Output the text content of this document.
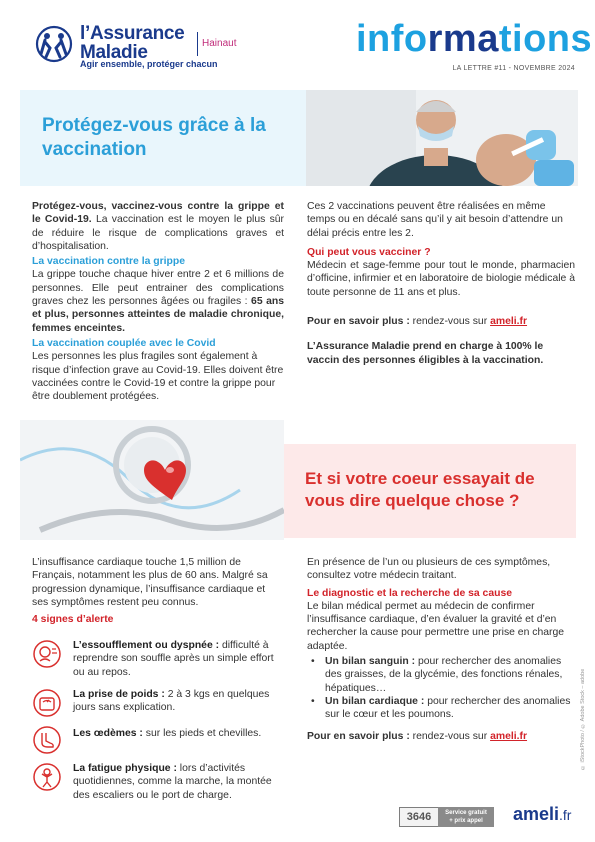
l’Assurance
Maladie
Agir ensemble, protéger chacun
Hainaut	informations
LA LETTRE #11 - NOVEMBRE 2024
Protégez-vous grâce à la vaccination

Protégez-vous, vaccinez-vous contre la grippe et le Covid-19. La vaccination est le moyen le plus sûr de réduire le risque de complications graves et d’hospitalisation.

La vaccination contre la grippe

La grippe touche chaque hiver entre 2 et 6 millions de personnes. Elle peut entrainer des complications graves chez les personnes âgées ou fragiles : 65 ans et plus, personnes atteintes de maladie chronique, femmes enceintes.

La vaccination couplée avec le Covid

Les personnes les plus fragiles sont également à risque d’infection grave au Covid-19. Elles doivent être vaccinées contre le Covid-19 et contre la grippe pour être doublement protégées.

Ces 2 vaccinations peuvent être réalisées en même temps ou en décalé sans qu’il y ait besoin d’attendre un délai précis entre les 2.

Qui peut vous vacciner ?

Médecin et sage-femme pour tout le monde, pharmacien d’officine, infirmier et en laboratoire de biologie médicale à toute personne de 11 ans et plus.

Pour en savoir plus : rendez-vous sur ameli.fr

L’Assurance Maladie prend en charge à 100% le vaccin des personnes éligibles à la vaccination.

Et si votre coeur essayait de vous dire quelque chose ?

L’insuffisance cardiaque touche 1,5 million de Français, notamment les plus de 60 ans. Malgré sa progression dynamique, l’insuffisance cardiaque et ses symptômes restent peu connus.

4 signes d’alerte

L’essoufflement ou dyspnée : difficulté à reprendre son souffle après un simple effort ou au repos.
La prise de poids : 2 à 3 kgs en quelques jours sans explication.
Les œdèmes : sur les pieds et chevilles.
La fatigue physique : lors d’activités quotidiennes, comme la marche, la montée des escaliers ou le port de charge.

En présence de l’un ou plusieurs de ces symptômes, consultez votre médecin traitant.

Le diagnostic et la recherche de sa cause

Le bilan médical permet au médecin de confirmer l’insuffisance cardiaque, d’en évaluer la gravité et d’en rechercher la cause pour permettre une prise en charge adaptée.

• Un bilan sanguin : pour rechercher des anomalies des graisses, de la glycémie, des fonctions rénales, hépatiques…
• Un bilan cardiaque : pour rechercher des anomalies sur le cœur et les poumons.

Pour en savoir plus : rendez-vous sur ameli.fr	© iStockPhoto / © Adobe Stock – adobe
3646	Service gratuit
+ prix appel	ameli.fr
